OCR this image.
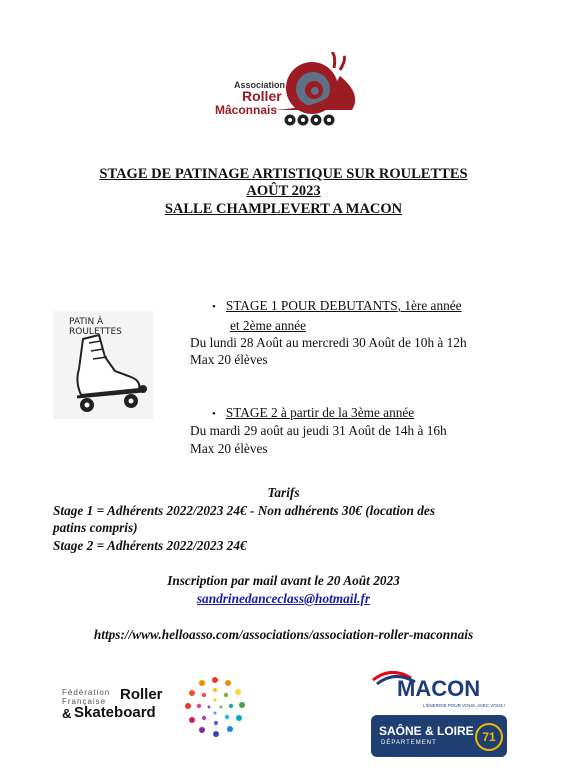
Association
Roller
Mâconnais
STAGE DE PATINAGE ARTISTIQUE SUR ROULETTES
AOÛT 2023
SALLE CHAMPLEVERT A MACON
PATIN À ROULETTES
• STAGE 1 POUR DEBUTANTS, 1ère année
et 2ème année
Du lundi 28 Août au mercredi 30 Août de 10h à 12h
Max 20 élèves
• STAGE 2 à partir de la 3ème année
Du mardi 29 août au jeudi 31 Août de 14h à 16h
Max 20 élèves
Tarifs
Stage 1 = Adhérents 2022/2023 24€ - Non adhérents 30€ (location des
patins compris)
Stage 2 = Adhérents 2022/2023 24€
Inscription par mail avant le 20 Août 2023
sandrinedanceclass@hotmail.fr
https://www.helloasso.com/associations/association-roller-maconnais
Fédération
Française Roller
& Skateboard
MACON
L'ÉNERGIE POUR VOUS, AVEC VOUS !
SAÔNE & LOIRE
DÉPARTEMENT	71
